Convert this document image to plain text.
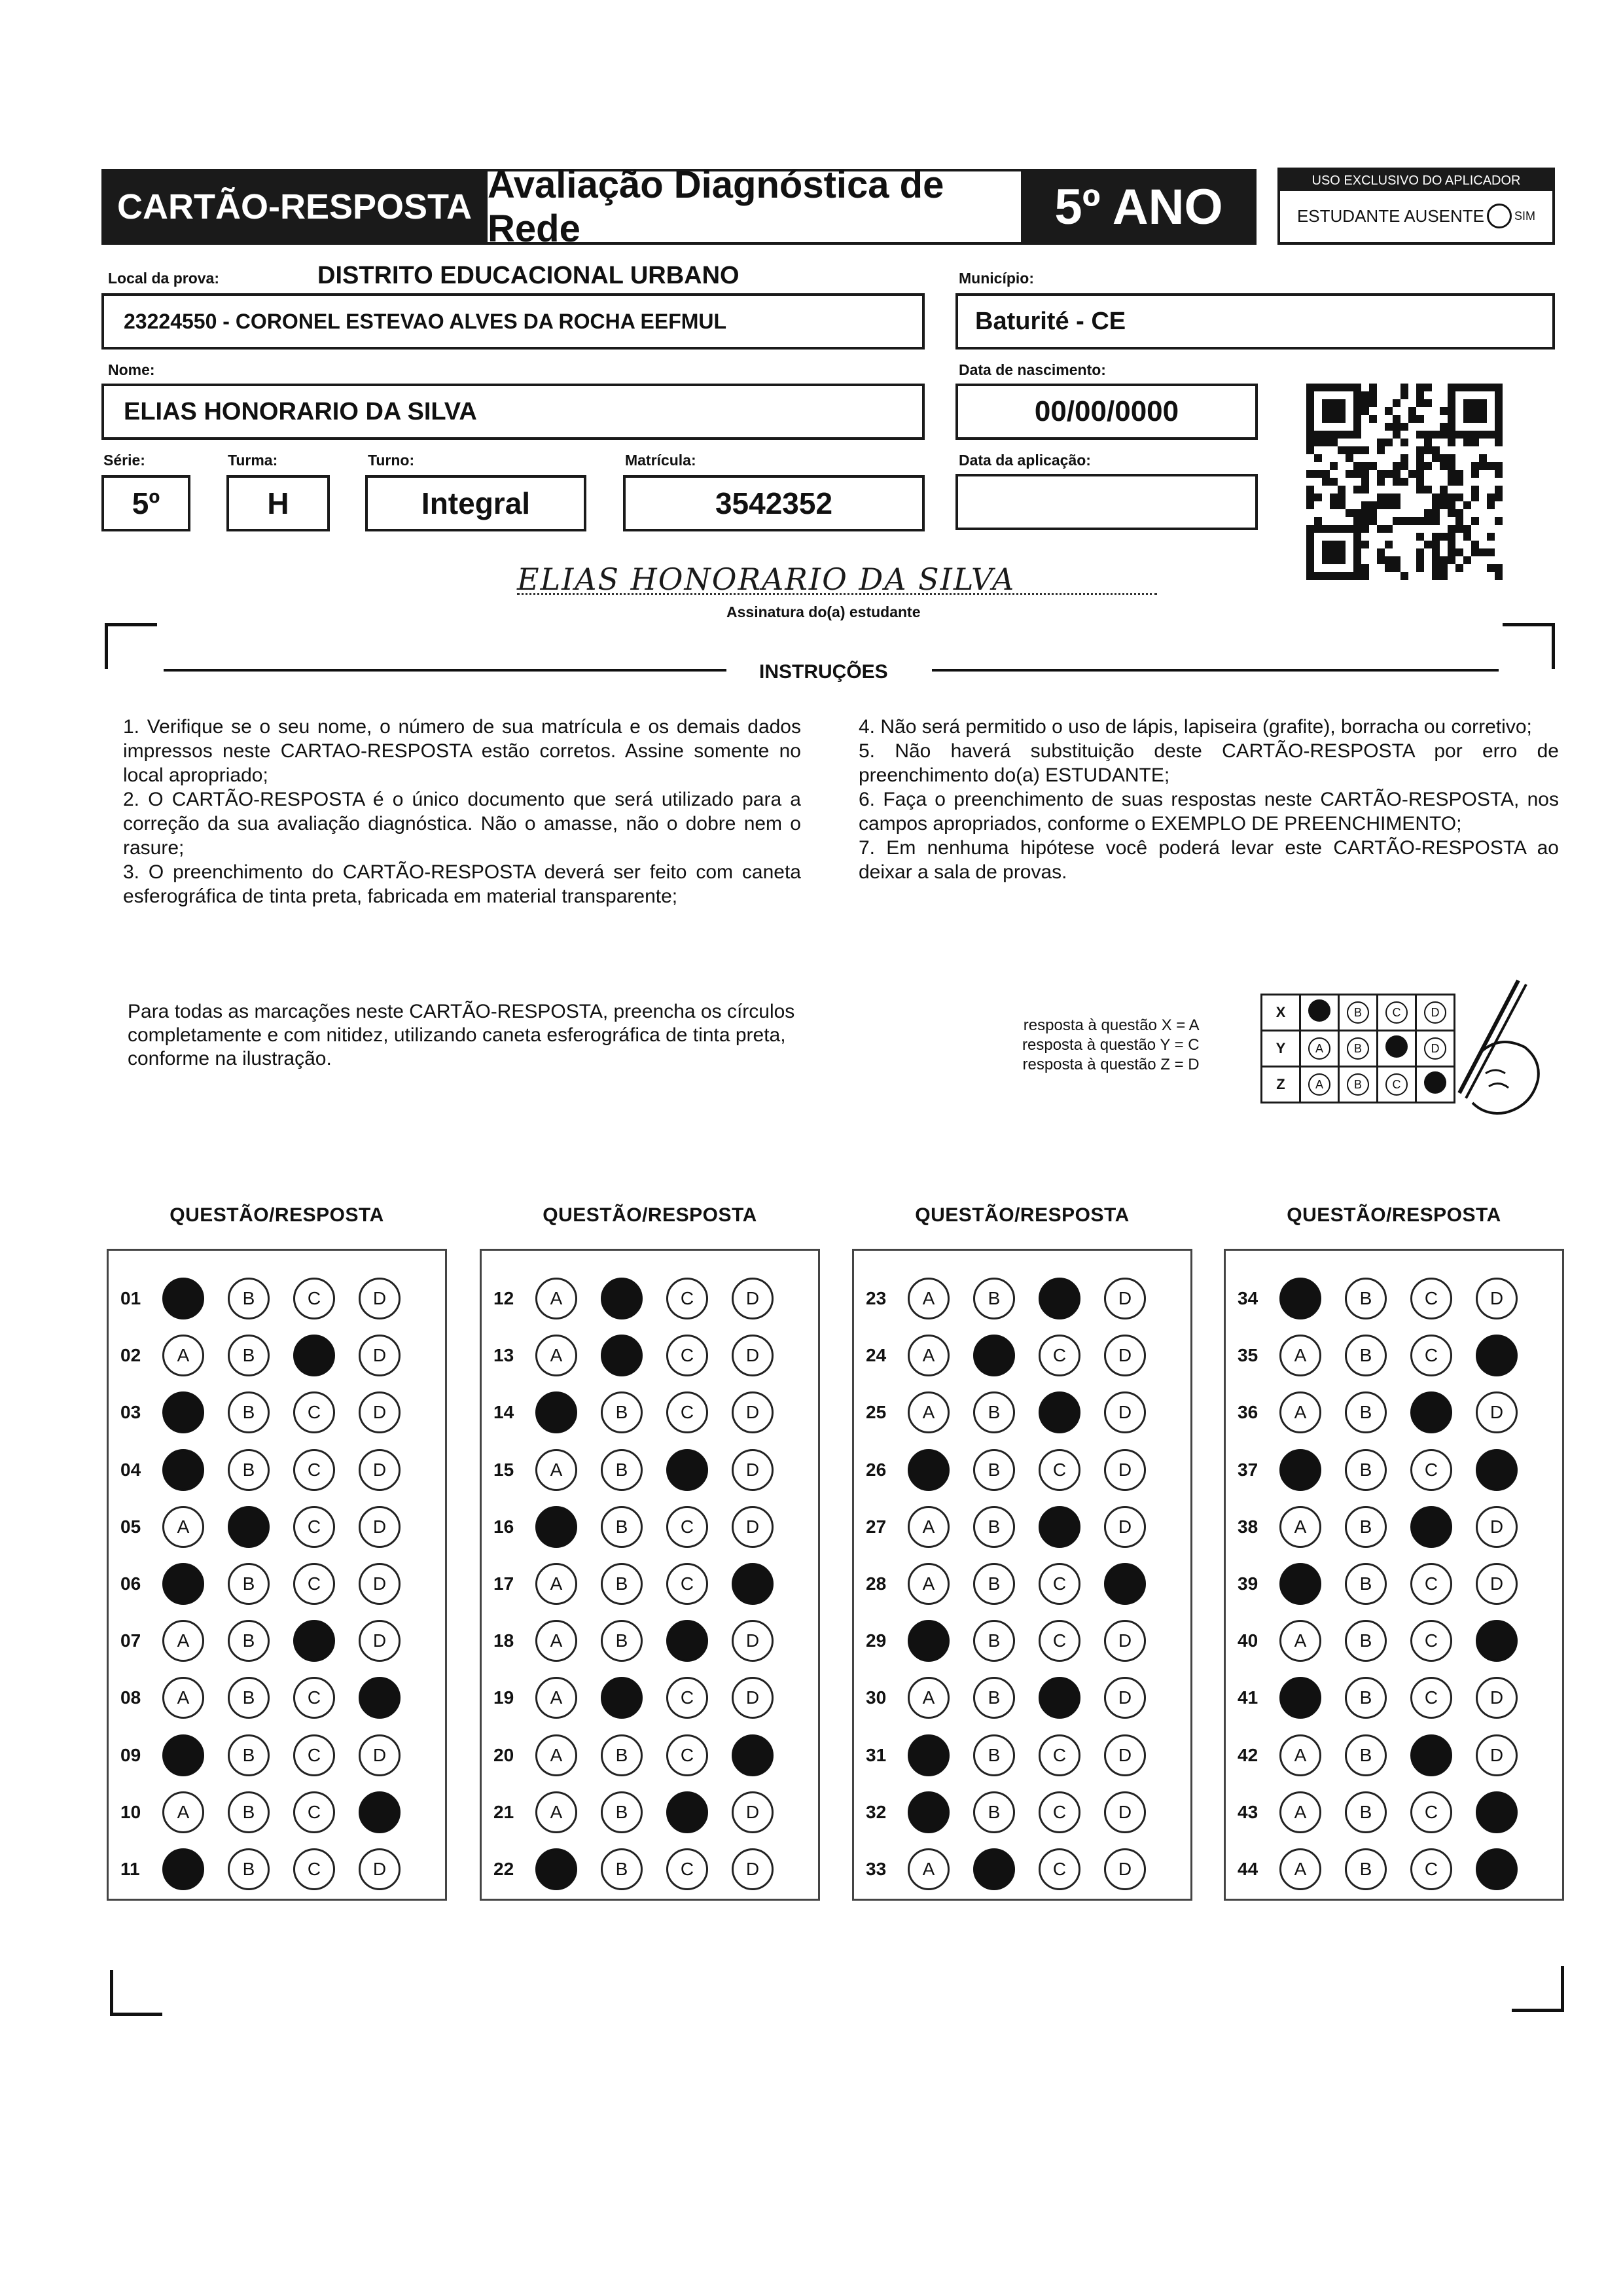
CARTÃO-RESPOSTA
Avaliação Diagnóstica de Rede	5º ANO	USO EXCLUSIVO DO APLICADOR
ESTUDANTE AUSENTE	SIM
Local da prova:	DISTRITO EDUCACIONAL URBANO
23224550 - CORONEL ESTEVAO ALVES DA ROCHA EEFMUL
Município:
Baturité - CE
Nome:
ELIAS HONORARIO DA SILVA
Data de nascimento:
00/00/0000
Série:
5º
Turma:
H
Turno:
Integral
Matrícula:
3542352
Data da aplicação:
ELIAS HONORARIO DA SILVA
Assinatura do(a) estudante
INSTRUÇÕES

1. Verifique se o seu nome, o número de sua matrícula e os demais dados impressos neste CARTAO-RESPOSTA estão corretos. Assine somente no local apropriado;

2. O CARTÃO-RESPOSTA é o único documento que será utilizado para a correção da sua avaliação diagnóstica. Não o amasse, não o dobre nem o rasure;

3. O preenchimento do CARTÃO-RESPOSTA deverá ser feito com caneta esferográfica de tinta preta, fabricada em material transparente;

4. Não será permitido o uso de lápis, lapiseira (grafite), borracha ou corretivo;

5. Não haverá substituição deste CARTÃO-RESPOSTA por erro de preenchimento do(a) ESTUDANTE;

6. Faça o preenchimento de suas respostas neste CARTÃO-RESPOSTA, nos campos apropriados, conforme o EXEMPLO DE PREENCHIMENTO;

7. Em nenhuma hipótese você poderá levar este CARTÃO-RESPOSTA ao deixar a sala de provas.

Para todas as marcações neste CARTÃO-RESPOSTA, preencha os círculos completamente e com nitidez, utilizando caneta esferográfica de tinta preta, conforme na ilustração.
resposta à questão X = A
resposta à questão Y = C
resposta à questão Z = D
X		B	C	D
Y	A	B		D
Z	A	B	C	
QUESTÃO/RESPOSTA
01	B	C	D
02	A	B	D
03	B	C	D
04	B	C	D
05	A	C	D
06	B	C	D
07	A	B	D
08	A	B	C
09	B	C	D
10	A	B	C
11	B	C	D
QUESTÃO/RESPOSTA
12	A	C	D
13	A	C	D
14	B	C	D
15	A	B	D
16	B	C	D
17	A	B	C
18	A	B	D
19	A	C	D
20	A	B	C
21	A	B	D
22	B	C	D
QUESTÃO/RESPOSTA
23	A	B	D
24	A	C	D
25	A	B	D
26	B	C	D
27	A	B	D
28	A	B	C
29	B	C	D
30	A	B	D
31	B	C	D
32	B	C	D
33	A	C	D
QUESTÃO/RESPOSTA
34	B	C	D
35	A	B	C
36	A	B	D
37	B	C
38	A	B	D
39	B	C	D
40	A	B	C
41	B	C	D
42	A	B	D
43	A	B	C
44	A	B	C
